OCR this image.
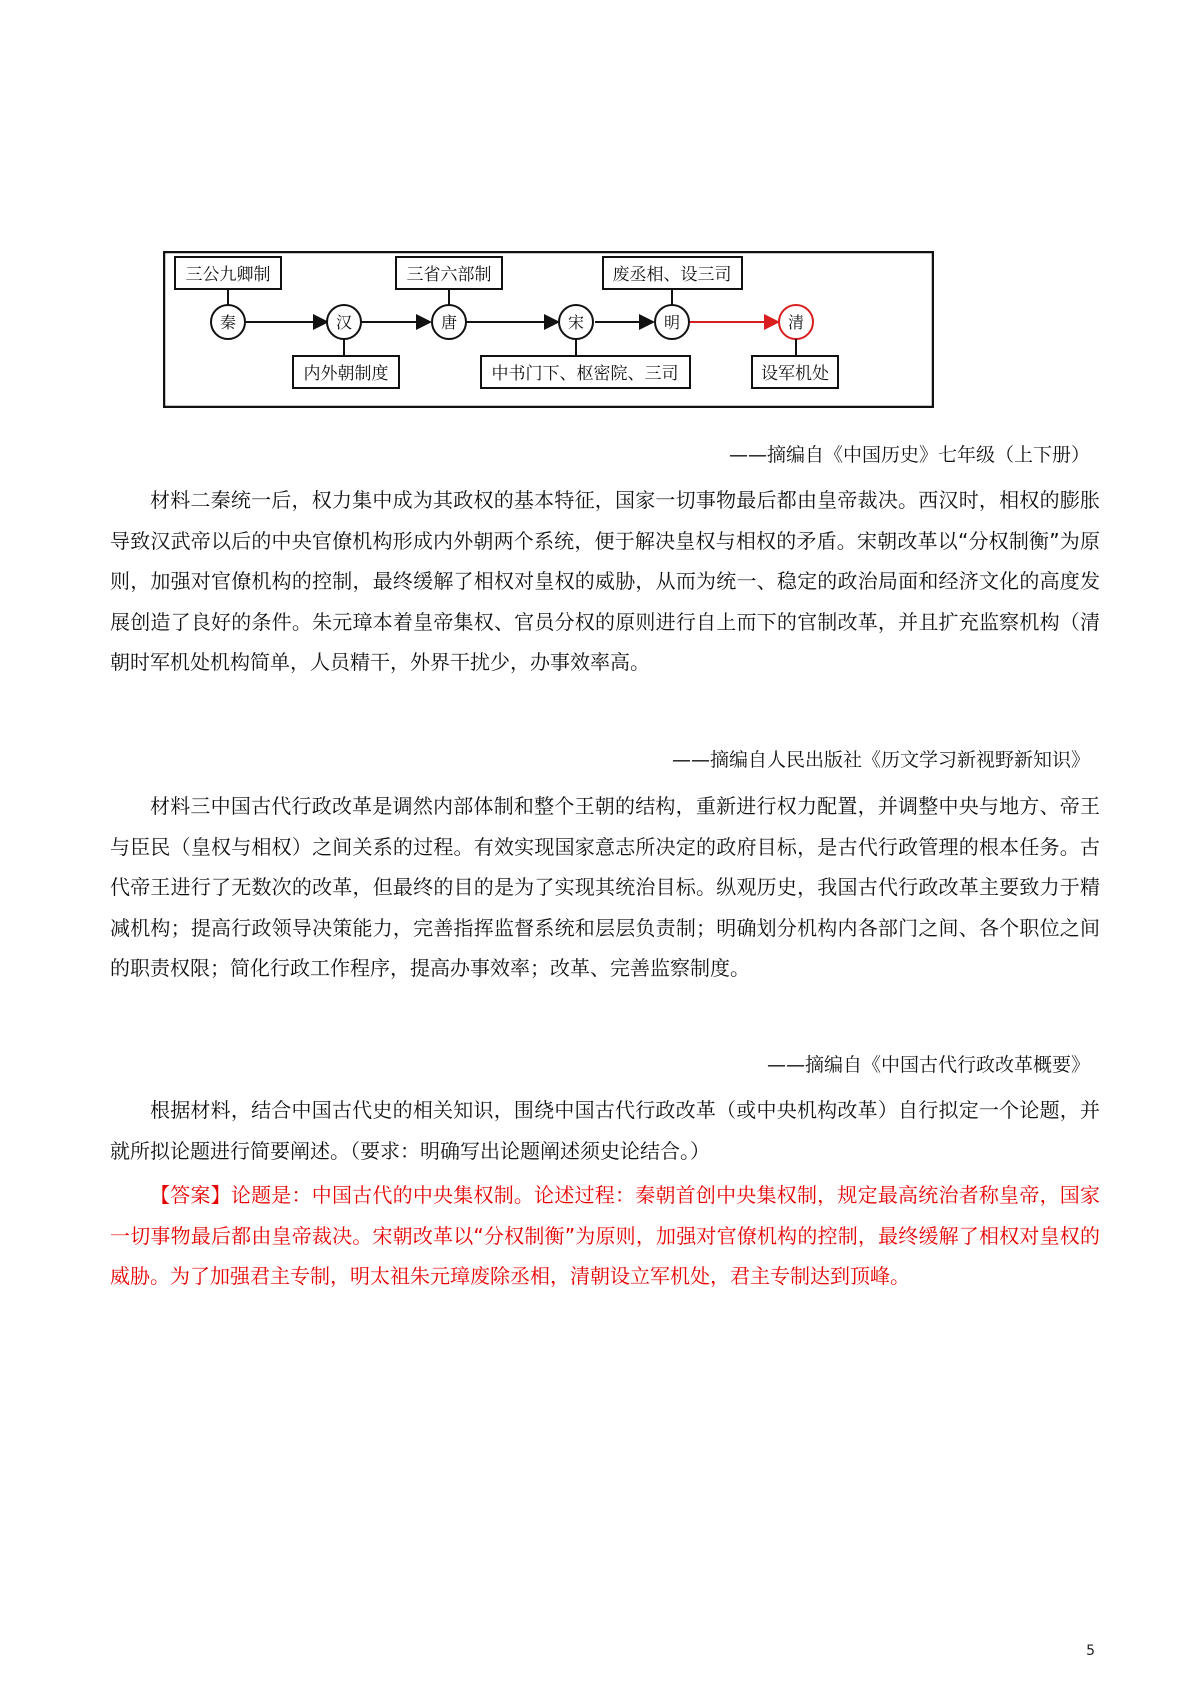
三公九卿制	三省六部制	废丞相、设三司
秦	汉	唐	宋	明	清
内外朝制度	中书门下、枢密院、三司	设军机处
——摘编自《中国历史》七年级（上下册）

材料二秦统一后，权力集中成为其政权的基本特征，国家一切事物最后都由皇帝裁决。西汉时，相权的膨胀导致汉武帝以后的中央官僚机构形成内外朝两个系统，便于解决皇权与相权的矛盾。宋朝改革以“分权制衡”为原则，加强对官僚机构的控制，最终缓解了相权对皇权的威胁，从而为统一、稳定的政治局面和经济文化的高度发展创造了良好的条件。朱元璋本着皇帝集权、官员分权的原则进行自上而下的官制改革，并且扩充监察机构（清朝时军机处机构简单，人员精干，外界干扰少，办事效率高。

——摘编自人民出版社《历文学习新视野新知识》

材料三中国古代行政改革是调然内部体制和整个王朝的结构，重新进行权力配置，并调整中央与地方、帝王与臣民（皇权与相权）之间关系的过程。有效实现国家意志所决定的政府目标，是古代行政管理的根本任务。古代帝王进行了无数次的改革，但最终的目的是为了实现其统治目标。纵观历史，我国古代行政改革主要致力于精减机构；提高行政领导决策能力，完善指挥监督系统和层层负责制；明确划分机构内各部门之间、各个职位之间的职责权限；简化行政工作程序，提高办事效率；改革、完善监察制度。

——摘编自《中国古代行政改革概要》

根据材料，结合中国古代史的相关知识，围绕中国古代行政改革（或中央机构改革）自行拟定一个论题，并就所拟论题进行简要阐述。（要求：明确写出论题阐述须史论结合。）

【答案】论题是：中国古代的中央集权制。论述过程：秦朝首创中央集权制，规定最高统治者称皇帝，国家一切事物最后都由皇帝裁决。宋朝改革以“分权制衡”为原则，加强对官僚机构的控制，最终缓解了相权对皇权的威胁。为了加强君主专制，明太祖朱元璋废除丞相，清朝设立军机处，君主专制达到顶峰。

5
